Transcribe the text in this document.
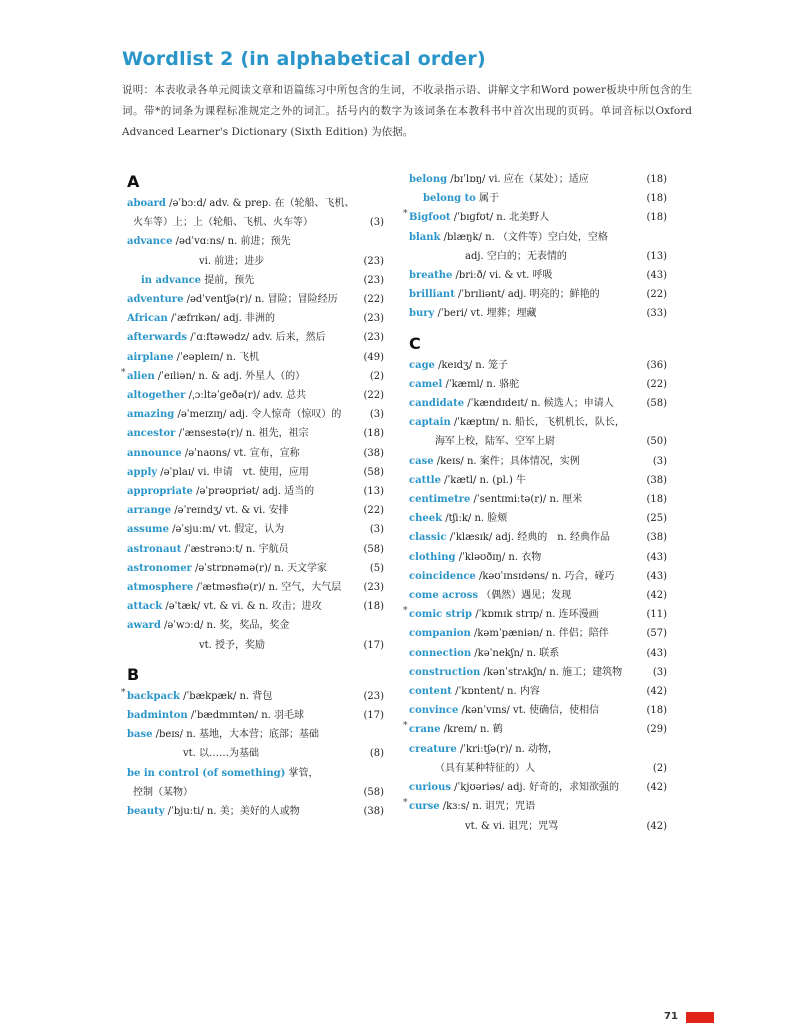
Wordlist 2 (in alphabetical order)
说明：本表收录各单元阅读文章和语篇练习中所包含的生词，不收录指示语、讲解文字和Word power板块中所包含的生词。带*的词条为课程标准规定之外的词汇。括号内的数字为该词条在本教科书中首次出现的页码。单词音标以Oxford Advanced Learner's Dictionary (Sixth Edition) 为依据。
A
aboard /əˈbɔːd/ adv. & prep. 在（轮船、飞机、
火车等）上；上（轮船、飞机、火车等）	(3)
advance /ədˈvɑːns/ n. 前进；预先
vi. 前进；进步	(23)
in advance 提前，预先	(23)
adventure /ədˈventʃə(r)/ n. 冒险；冒险经历	(22)
African /ˈæfrɪkən/ adj. 非洲的	(23)
afterwards /ˈɑːftəwədz/ adv. 后来，然后	(23)
airplane /ˈeəpleɪn/ n. 飞机	(49)
* alien /ˈeɪliən/ n. & adj. 外星人（的）	(2)
altogether /ˌɔːltəˈɡeðə(r)/ adv. 总共	(22)
amazing /əˈmeɪzɪŋ/ adj. 令人惊奇（惊叹）的	(3)
ancestor /ˈænsestə(r)/ n. 祖先，祖宗	(18)
announce /əˈnaʊns/ vt. 宣布，宣称	(38)
apply /əˈplaɪ/ vi. 申请　vt. 使用，应用	(58)
appropriate /əˈprəʊpriət/ adj. 适当的	(13)
arrange /əˈreɪndʒ/ vt. & vi. 安排	(22)
assume /əˈsjuːm/ vt. 假定，认为	(3)
astronaut /ˈæstrənɔːt/ n. 宇航员	(58)
astronomer /əˈstrɒnəmə(r)/ n. 天文学家	(5)
atmosphere /ˈætməsfɪə(r)/ n. 空气，大气层	(23)
attack /əˈtæk/ vt. & vi. & n. 攻击；进攻	(18)
award /əˈwɔːd/ n. 奖，奖品，奖金
vt. 授予，奖励	(17)
B
* backpack /ˈbækpæk/ n. 背包	(23)
badminton /ˈbædmɪntən/ n. 羽毛球	(17)
base /beɪs/ n. 基地，大本营；底部；基础
vt. 以……为基础	(8)
be in control (of something) 掌管，
控制（某物）	(58)
beauty /ˈbjuːti/ n. 美；美好的人或物	(38)
belong /bɪˈlɒŋ/ vi. 应在（某处）；适应	(18)
belong to 属于	(18)
* Bigfoot /ˈbɪɡfʊt/ n. 北美野人	(18)
blank /blæŋk/ n. （文件等）空白处，空格
adj. 空白的；无表情的	(13)
breathe /briːð/ vi. & vt. 呼吸	(43)
brilliant /ˈbrɪliənt/ adj. 明亮的；鲜艳的	(22)
bury /ˈberi/ vt. 埋葬；埋藏	(33)
C
cage /keɪdʒ/ n. 笼子	(36)
camel /ˈkæml/ n. 骆驼	(22)
candidate /ˈkændɪdeɪt/ n. 候选人；申请人	(58)
captain /ˈkæptɪn/ n. 船长，飞机机长，队长，
海军上校，陆军、空军上尉	(50)
case /keɪs/ n. 案件；具体情况，实例	(3)
cattle /ˈkætl/ n. (pl.) 牛	(38)
centimetre /ˈsentɪmiːtə(r)/ n. 厘米	(18)
cheek /tʃiːk/ n. 脸颊	(25)
classic /ˈklæsɪk/ adj. 经典的　n. 经典作品	(38)
clothing /ˈkləʊðɪŋ/ n. 衣物	(43)
coincidence /kəʊˈɪnsɪdəns/ n. 巧合，碰巧	(43)
come across （偶然）遇见；发现	(42)
* comic strip /ˈkɒmɪk strɪp/ n. 连环漫画	(11)
companion /kəmˈpæniən/ n. 伴侣；陪伴	(57)
connection /kəˈnekʃn/ n. 联系	(43)
construction /kənˈstrʌkʃn/ n. 施工；建筑物	(3)
content /ˈkɒntent/ n. 内容	(42)
convince /kənˈvɪns/ vt. 使确信，使相信	(18)
* crane /kreɪn/ n. 鹤	(29)
creature /ˈkriːtʃə(r)/ n. 动物，
（具有某种特征的）人	(2)
curious /ˈkjʊəriəs/ adj. 好奇的，求知欲强的	(42)
* curse /kɜːs/ n. 诅咒；咒语
vt. & vi. 诅咒；咒骂	(42)
71
